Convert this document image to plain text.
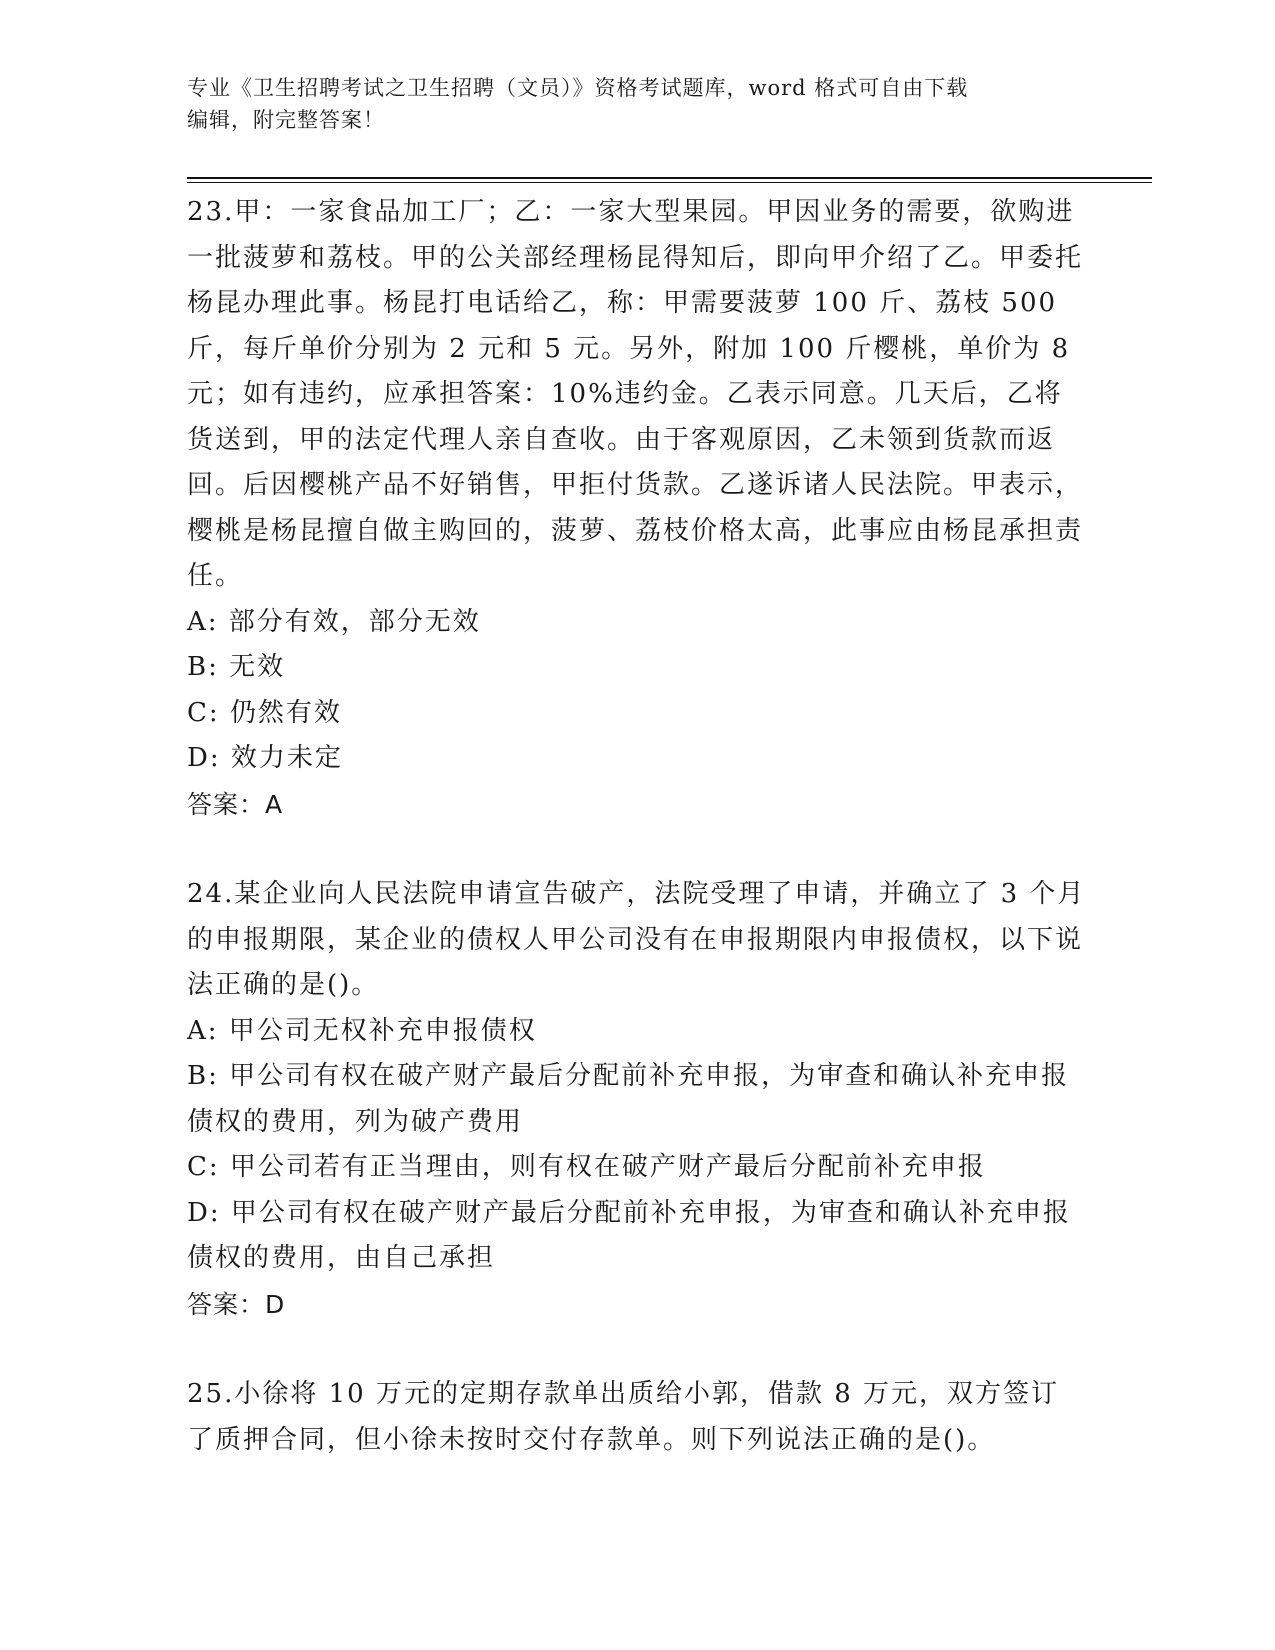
专业《卫生招聘考试之卫生招聘（文员）》资格考试题库，word 格式可自由下载
编辑，附完整答案！

23.甲：一家食品加工厂；乙：一家大型果园。甲因业务的需要，欲购进一批菠萝和荔枝。甲的公关部经理杨昆得知后，即向甲介绍了乙。甲委托杨昆办理此事。杨昆打电话给乙，称：甲需要菠萝 100 斤、荔枝 500 斤，每斤单价分别为 2 元和 5 元。另外，附加 100 斤樱桃，单价为 8 元；如有违约，应承担答案：10%违约金。乙表示同意。几天后，乙将货送到，甲的法定代理人亲自查收。由于客观原因，乙未领到货款而返回。后因樱桃产品不好销售，甲拒付货款。乙遂诉诸人民法院。甲表示，樱桃是杨昆擅自做主购回的，菠萝、荔枝价格太高，此事应由杨昆承担责任。

A: 部分有效，部分无效

B: 无效

C: 仍然有效

D: 效力未定

答案：A

24.某企业向人民法院申请宣告破产，法院受理了申请，并确立了 3 个月的申报期限，某企业的债权人甲公司没有在申报期限内申报债权，以下说法正确的是()。

A: 甲公司无权补充申报债权

B: 甲公司有权在破产财产最后分配前补充申报，为审查和确认补充申报债权的费用，列为破产费用

C: 甲公司若有正当理由，则有权在破产财产最后分配前补充申报

D: 甲公司有权在破产财产最后分配前补充申报，为审查和确认补充申报债权的费用，由自己承担

答案：D

25.小徐将 10 万元的定期存款单出质给小郭，借款 8 万元，双方签订了质押合同，但小徐未按时交付存款单。则下列说法正确的是()。
